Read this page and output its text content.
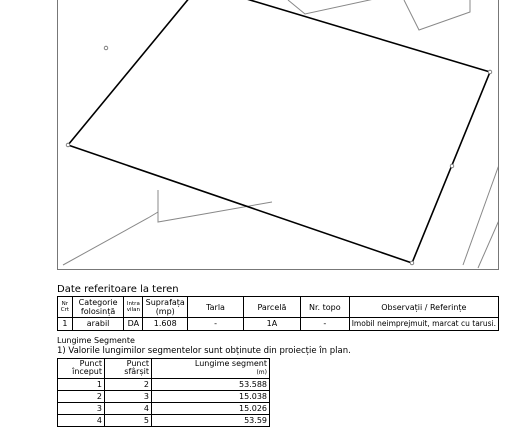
Date referitoare la teren
Nr Crt	Categorie folosință	Intra vilan	Suprafața (mp)	Tarla	Parcelă	Nr. topo	Observații / Referințe
1	arabil	DA	1.608	-	1A	-	Imobil neimprejmuit, marcat cu tarusi.
Lungime Segmente
1) Valorile lungimilor segmentelor sunt obținute din proiecție în plan.
Punct început	Punct sfârșit	Lungime segment
(m)
1	2	53.588
2	3	15.038
3	4	15.026
4	5	53.59
